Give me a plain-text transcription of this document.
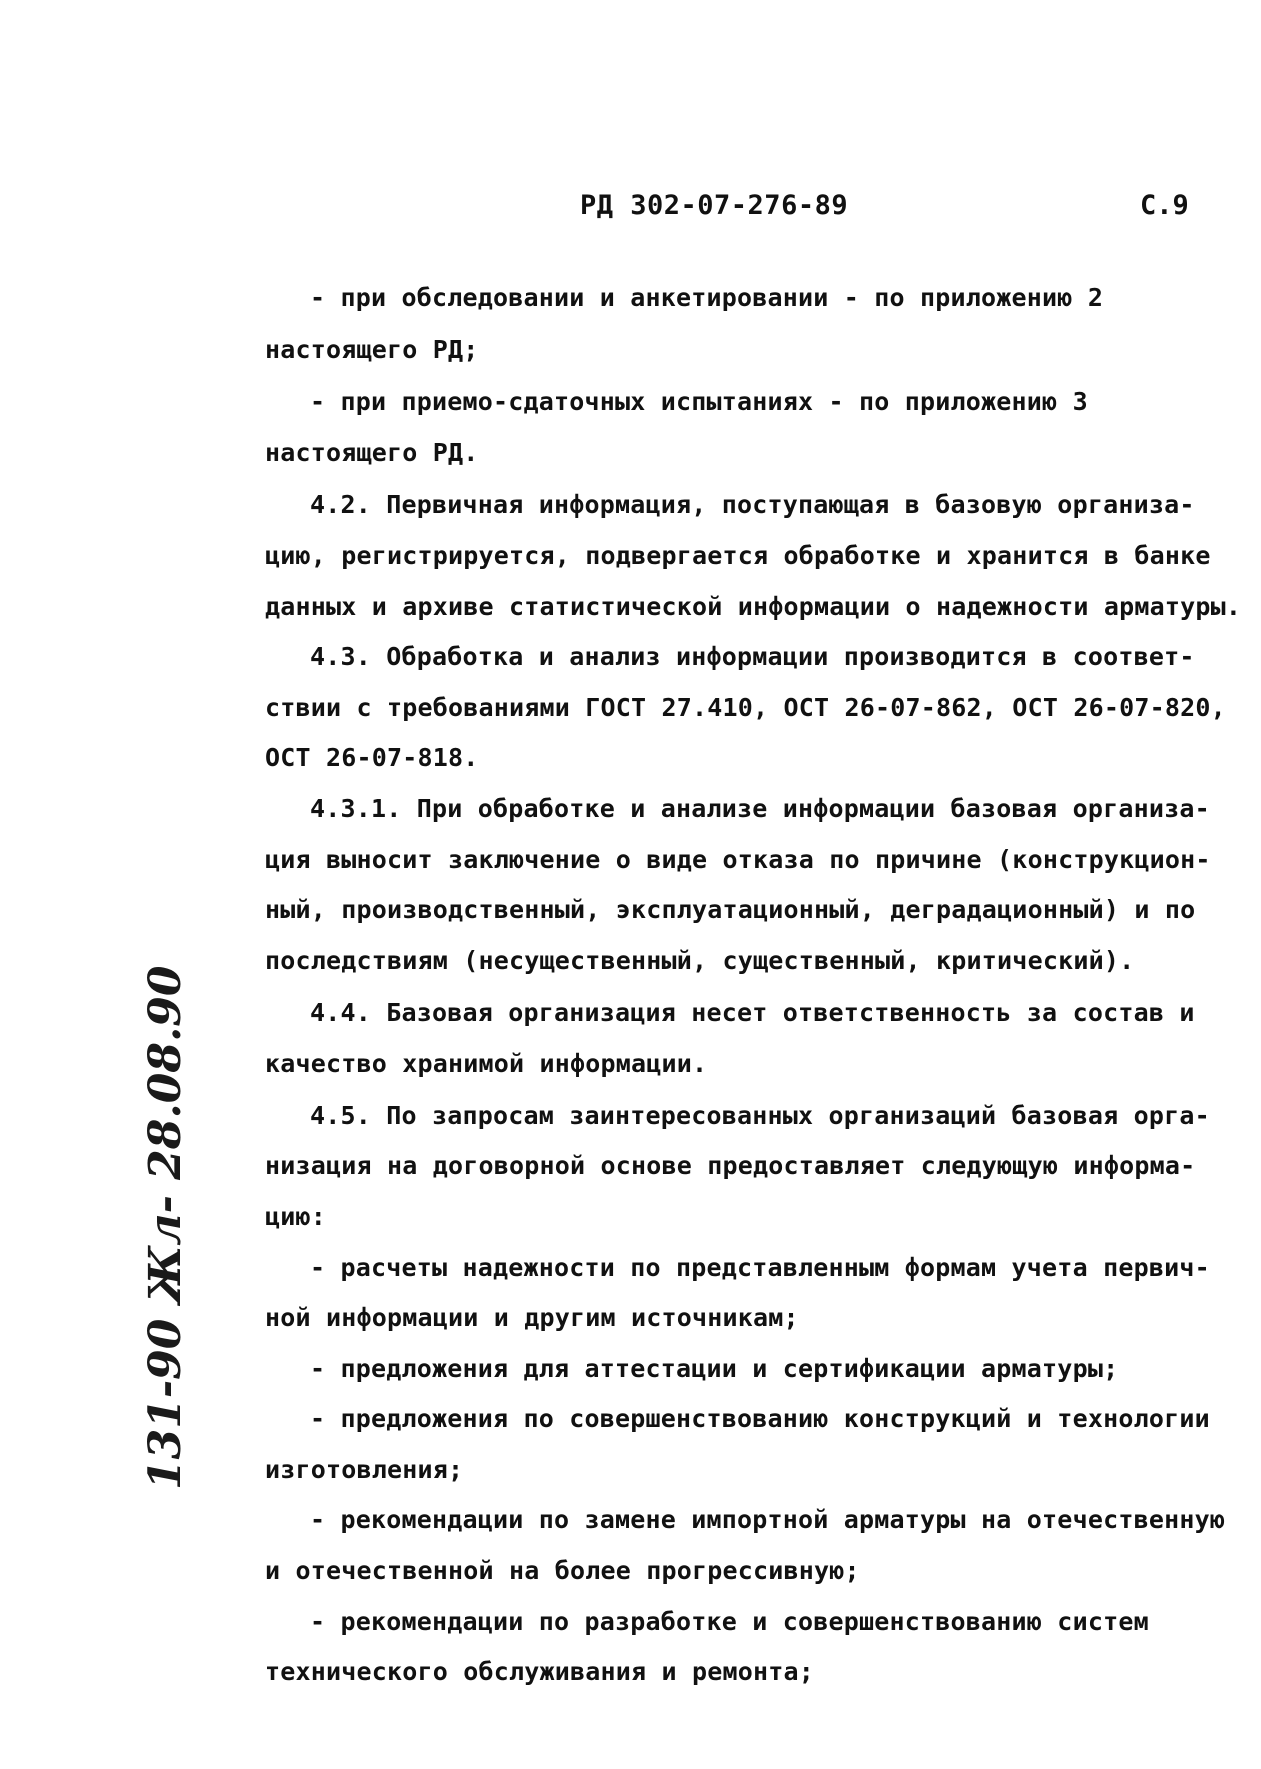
РД 302-07-276-89	С.9
- при обследовании и анкетировании - по приложению 2
настоящего РД;
- при приемо-сдаточных испытаниях - по приложению 3
настоящего РД.
4.2. Первичная информация, поступающая в базовую организа-
цию, регистрируется, подвергается обработке и хранится в банке
данных и архиве статистической информации о надежности арматуры.
4.3. Обработка и анализ информации производится в соответ-
ствии с требованиями ГОСТ 27.410, ОСТ 26-07-862, ОСТ 26-07-820,
ОСТ 26-07-818.
4.3.1. При обработке и анализе информации базовая организа-
ция выносит заключение о виде отказа по причине (конструкцион-
ный, производственный, эксплуатационный, деградационный) и по
последствиям (несущественный, существенный, критический).
4.4. Базовая организация несет ответственность за состав и
качество хранимой информации.
4.5. По запросам заинтересованных организаций базовая орга-
низация на договорной основе предоставляет следующую информа-
цию:
- расчеты надежности по представленным формам учета первич-
ной информации и другим источникам;
- предложения для аттестации и сертификации арматуры;
- предложения по совершенствованию конструкций и технологии
изготовления;
- рекомендации по замене импортной арматуры на отечественную
и отечественной на более прогрессивную;
- рекомендации по разработке и совершенствованию систем
технического обслуживания и ремонта;
131-90 Жл- 28.08.90
